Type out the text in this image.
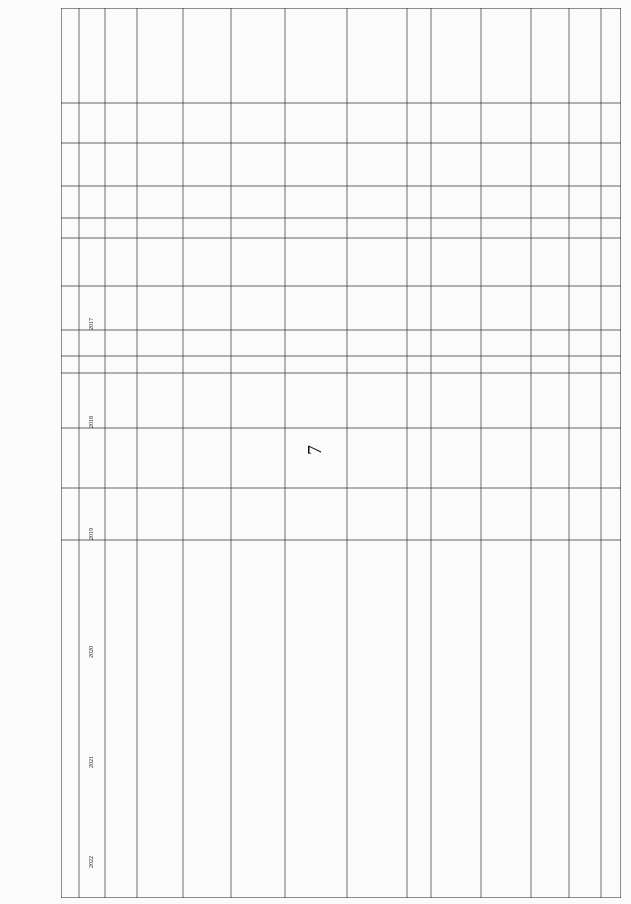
7
2017
2018
2019
2020
2021
2022
